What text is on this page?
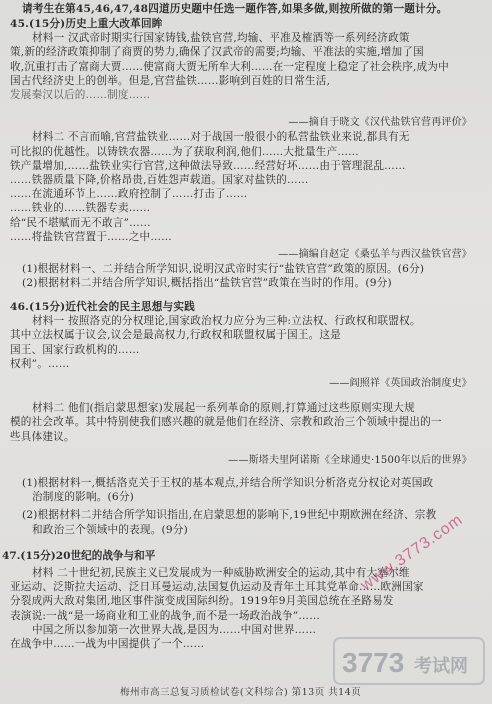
请考生在第45,46,47,48四道历史题中任选一题作答,如果多做,则按所做的第一题计分。
45.(15分)历史上重大改革回眸
材料一 汉武帝时期实行国家铸钱,盐铁官营,均输、平准及榷酒等一系列经济政策
策,新的经济政策抑制了商贾的势力,确保了汉武帝的需要;均输、平准法的实施,增加了国
收,沉重打击了富商大贾……使富商大贾无所牟大利……在一定程度上稳定了社会秩序,成为中
国古代经济史上的创举。但是,官营盐铁……影响到百姓的日常生活,
发展秦汉以后的……制度……
——摘自于晓文《汉代盐铁官营再评价》
材料二 不言而喻,官营盐铁业……对于战国一般很小的私营盐铁业来说,都具有无
可比拟的优越性。以铸铁农器……为了获取利润,他们……大批量生产……
铁产量增加,……盐铁业实行官营,这种做法导致……经营好坏……由于管理混乱……
……铁器质量下降,价格昂贵,百姓怨声载道。国家对盐铁的……
……在流通环节上……政府控制了……打击了……
……铁业的……铁器专卖……
给“民不堪赋而无不敢言”……
……将盐铁官营置于……之中……
——摘编自赵定《桑弘羊与西汉盐铁官营》
(1)根据材料一、二并结合所学知识,说明汉武帝时实行“盐铁官营”政策的原因。(6分)
(2)根据材料二并结合所学知识,概括指出“盐铁官营”政策在当时的作用。(9分)
46.(15分)近代社会的民主思想与实践
材料一 按照洛克的分权理论,国家政治权力应分为三种:立法权、行政权和联盟权。
其中立法权属于议会,议会是最高权力,行政权和联盟权属于国王。这是
国王、国家行政机构的……
权利”。……
——阎照祥《英国政治制度史》
材料二 他们(指启蒙思想家)发展起一系列革命的原则,打算通过这些原则实现大规
模的社会改革。其中特别使我们感兴趣的就是他们在经济、宗教和政治三个领域中提出的一
些具体建议。
——斯塔夫里阿诺斯《全球通史·1500年以后的世界》
(1)根据材料一,概括洛克关于王权的基本观点,并结合所学知识分析洛克分权论对英国政
治制度的影响。(6分)
(2)根据材料二并结合所学知识指出,在启蒙思想的影响下,19世纪中期欧洲在经济、宗教
和政治三个领域中的表现。(9分)
47.(15分)20世纪的战争与和平
材料 二十世纪初,民族主义已发展成为一种威胁欧洲安全的运动,其中有大塞尔维
亚运动、泛斯拉夫运动、泛日耳曼运动,法国复仇运动及青年土耳其党革命……欧洲国家
分裂成两大敌对集团,地区事件演变成国际纠纷。1919年9月美国总统在圣路易发
表演说:一战“是一场商业和工业的战争,而不是一场政治战争”……
中国之所以参加第一次世界大战,是因为……中国对世界……
在战争中……一战为中国提供了一个……
www.3773.com
3773 考试网
梅州市高三总复习质检试卷(文科综合) 第13页 共14页
